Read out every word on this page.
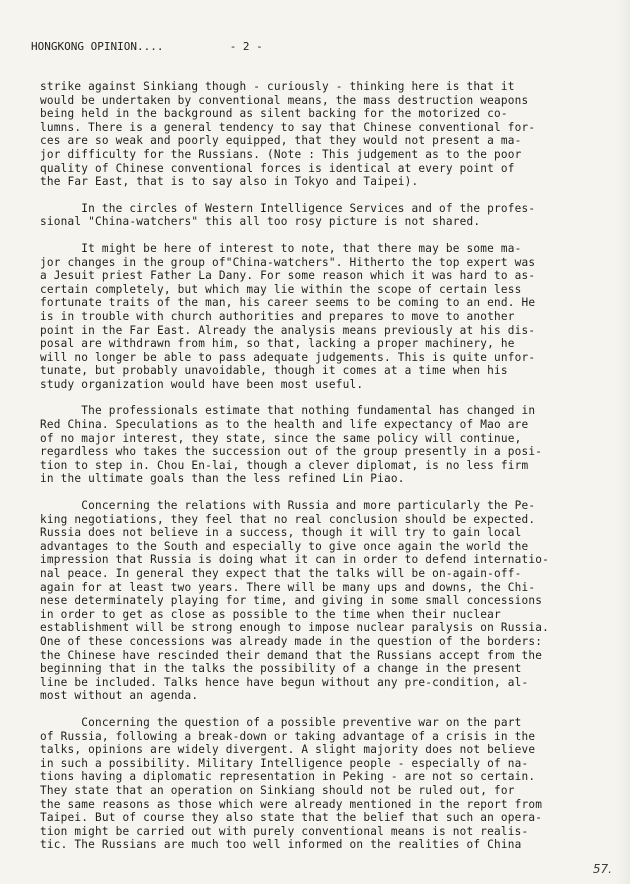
HONGKONG OPINION....	- 2 -

strike against Sinkiang though - curiously - thinking here is that it
would be undertaken by conventional means, the mass destruction weapons
being held in the background as silent backing for the motorized co-
lumns. There is a general tendency to say that Chinese conventional for-
ces are so weak and poorly equipped, that they would not present a ma-
jor difficulty for the Russians. (Note : This judgement as to the poor
quality of Chinese conventional forces is identical at every point of
the Far East, that is to say also in Tokyo and Taipei).

In the circles of Western Intelligence Services and of the profes-
sional "China-watchers" this all too rosy picture is not shared.

It might be here of interest to note, that there may be some ma-
jor changes in the group of"China-watchers". Hitherto the top expert was
a Jesuit priest Father La Dany. For some reason which it was hard to as-
certain completely, but which may lie within the scope of certain less
fortunate traits of the man, his career seems to be coming to an end. He
is in trouble with church authorities and prepares to move to another
point in the Far East. Already the analysis means previously at his dis-
posal are withdrawn from him, so that, lacking a proper machinery, he
will no longer be able to pass adequate judgements. This is quite unfor-
tunate, but probably unavoidable, though it comes at a time when his
study organization would have been most useful.

The professionals estimate that nothing fundamental has changed in
Red China. Speculations as to the health and life expectancy of Mao are
of no major interest, they state, since the same policy will continue,
regardless who takes the succession out of the group presently in a posi-
tion to step in. Chou En-lai, though a clever diplomat, is no less firm
in the ultimate goals than the less refined Lin Piao.

Concerning the relations with Russia and more particularly the Pe-
king negotiations, they feel that no real conclusion should be expected.
Russia does not believe in a success, though it will try to gain local
advantages to the South and especially to give once again the world the
impression that Russia is doing what it can in order to defend internatio-
nal peace. In general they expect that the talks will be on-again-off-
again for at least two years. There will be many ups and downs, the Chi-
nese determinately playing for time, and giving in some small concessions
in order to get as close as possible to the time when their nuclear
establishment will be strong enough to impose nuclear paralysis on Russia.
One of these concessions was already made in the question of the borders:
the Chinese have rescinded their demand that the Russians accept from the
beginning that in the talks the possibility of a change in the present
line be included. Talks hence have begun without any pre-condition, al-
most without an agenda.

Concerning the question of a possible preventive war on the part
of Russia, following a break-down or taking advantage of a crisis in the
talks, opinions are widely divergent. A slight majority does not believe
in such a possibility. Military Intelligence people - especially of na-
tions having a diplomatic representation in Peking - are not so certain.
They state that an operation on Sinkiang should not be ruled out, for
the same reasons as those which were already mentioned in the report from
Taipei. But of course they also state that the belief that such an opera-
tion might be carried out with purely conventional means is not realis-
tic. The Russians are much too well informed on the realities of China

57.
